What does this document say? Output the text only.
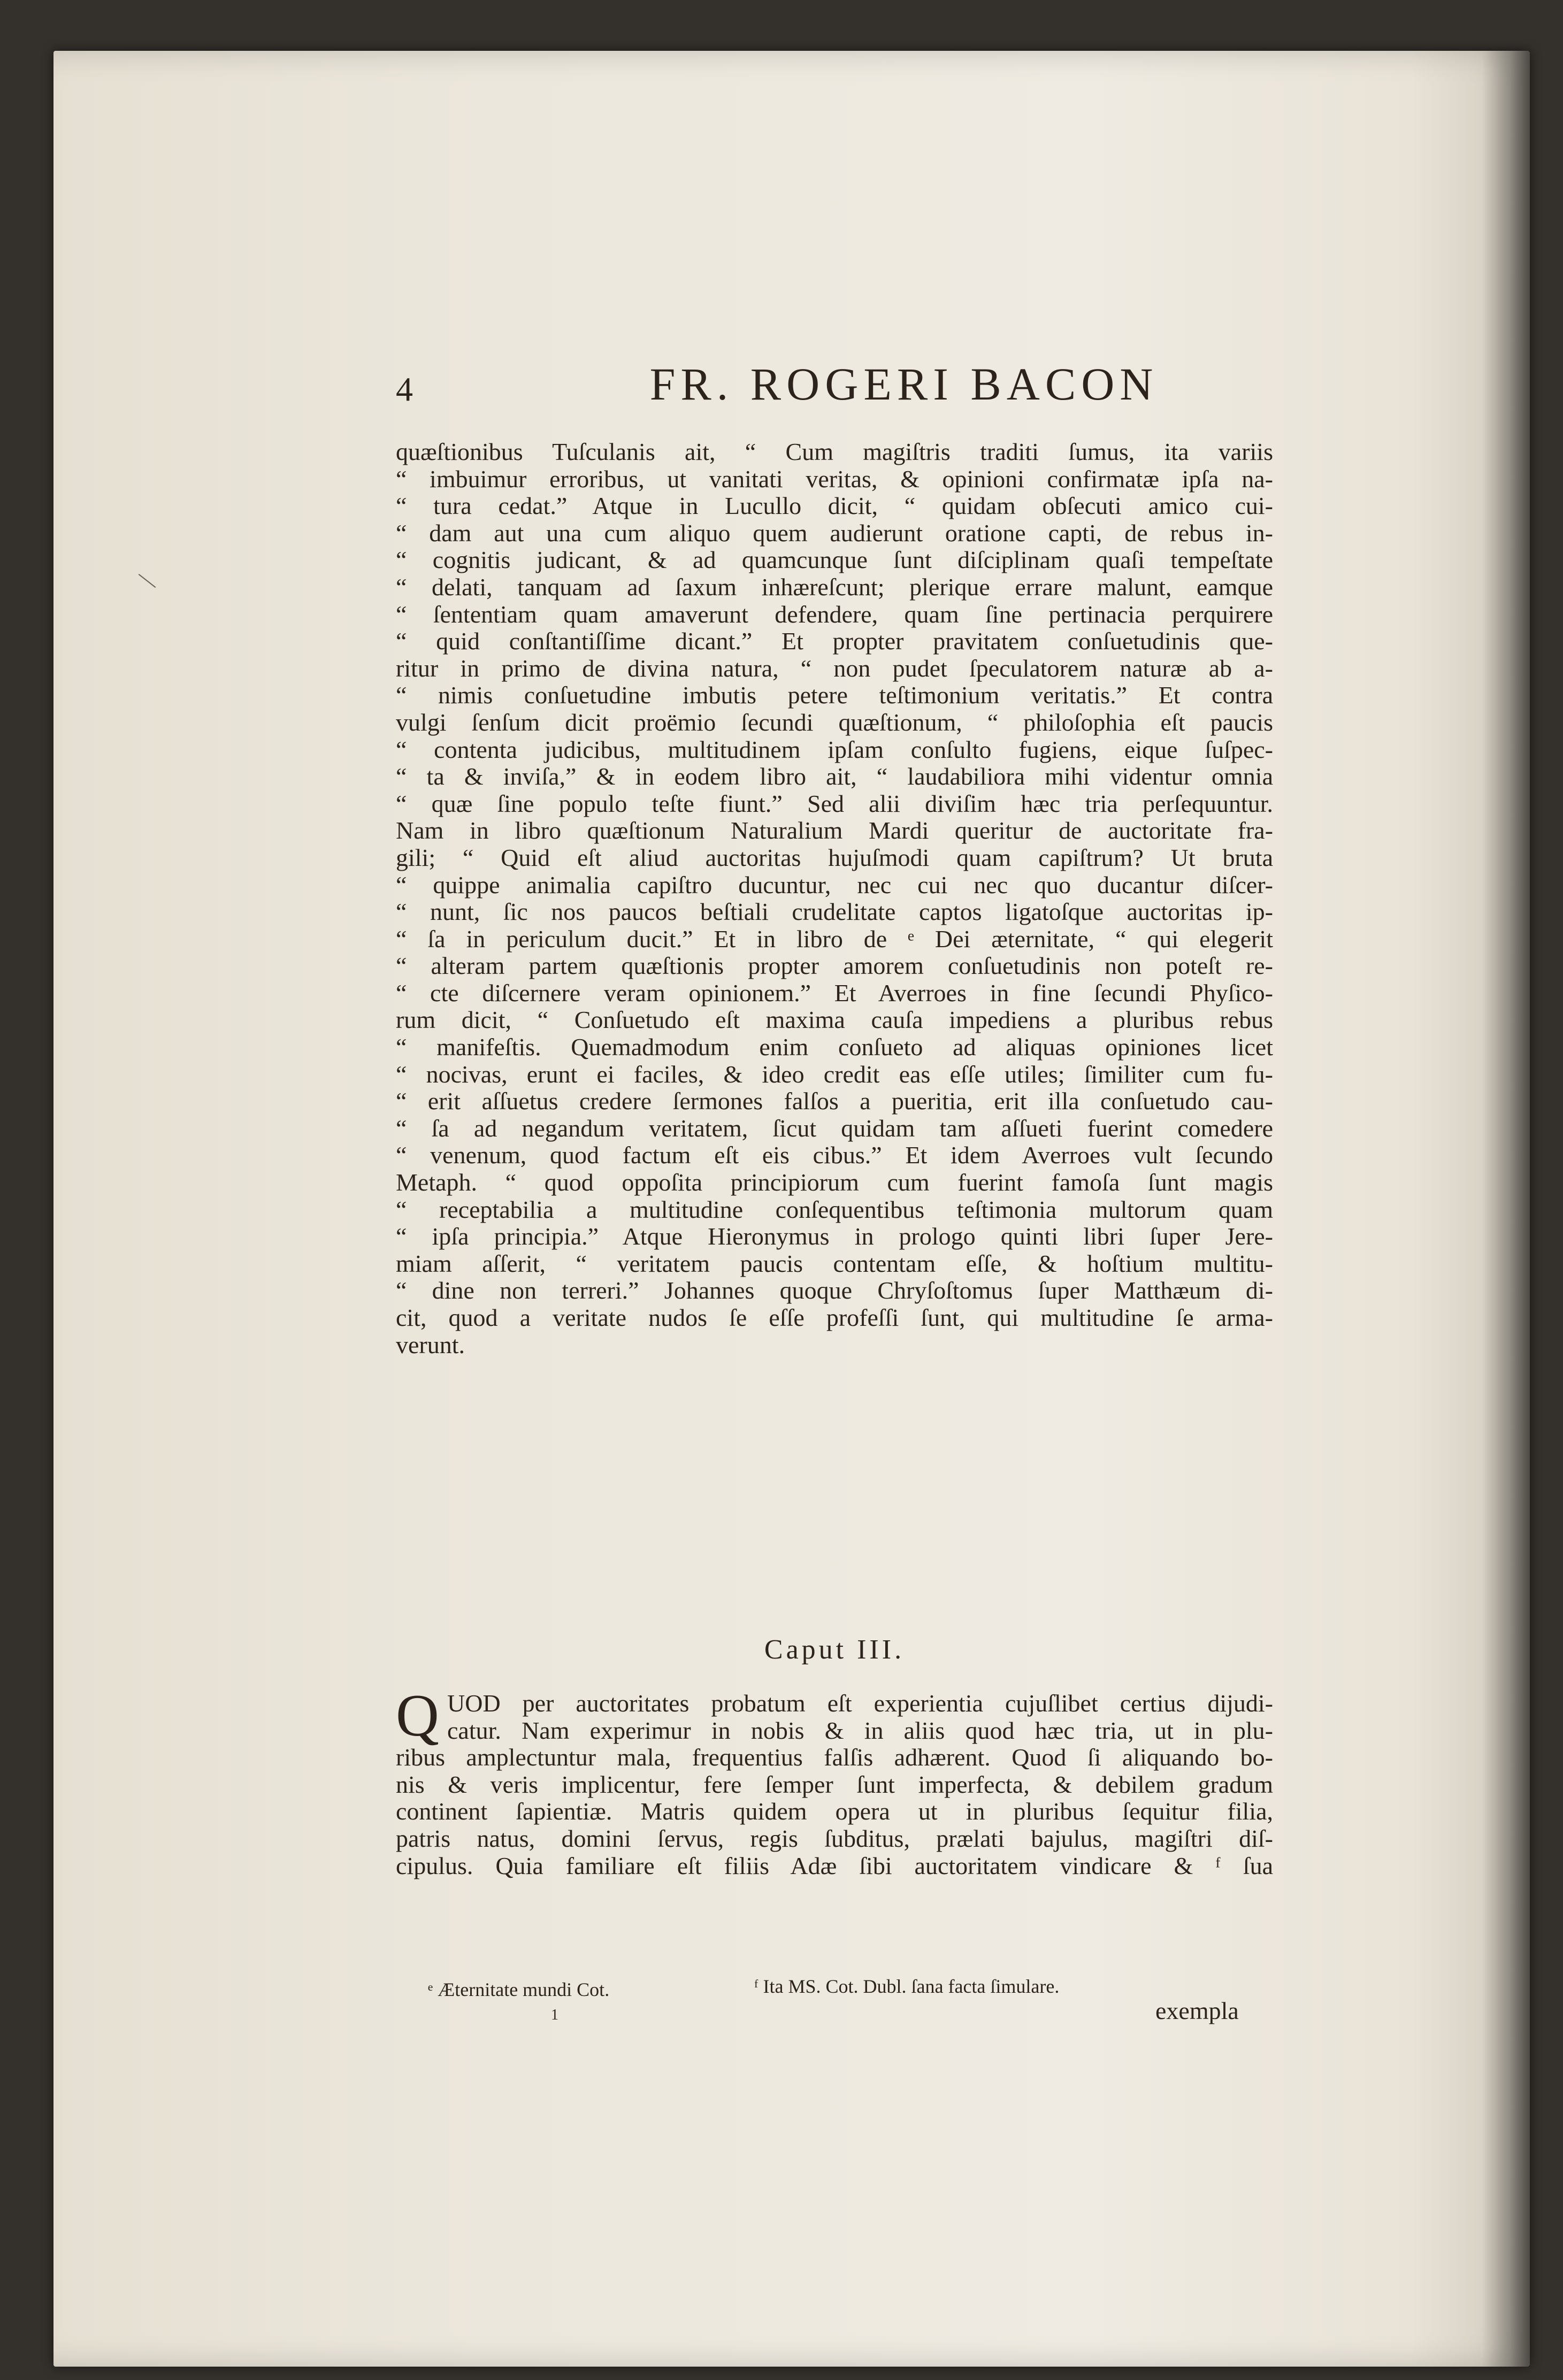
4	FR. ROGERI BACON
quæſtionibus Tuſculanis ait, “ Cum magiſtris traditi ſumus, ita variis
“ imbuimur erroribus, ut vanitati veritas, & opinioni confirmatæ ipſa na-
“ tura cedat.” Atque in Lucullo dicit, “ quidam obſecuti amico cui-
“ dam aut una cum aliquo quem audierunt oratione capti, de rebus in-
“ cognitis judicant, & ad quamcunque ſunt diſciplinam quaſi tempeſtate
“ delati, tanquam ad ſaxum inhæreſcunt; plerique errare malunt, eamque
“ ſententiam quam amaverunt defendere, quam ſine pertinacia perquirere
“ quid conſtantiſſime dicant.” Et propter pravitatem conſuetudinis que-
ritur in primo de divina natura, “ non pudet ſpeculatorem naturæ ab a-
“ nimis conſuetudine imbutis petere teſtimonium veritatis.” Et contra
vulgi ſenſum dicit proëmio ſecundi quæſtionum, “ philoſophia eſt paucis
“ contenta judicibus, multitudinem ipſam conſulto fugiens, eique ſuſpec-
“ ta & inviſa,” & in eodem libro ait, “ laudabiliora mihi videntur omnia
“ quæ ſine populo teſte fiunt.” Sed alii diviſim hæc tria perſequuntur.
Nam in libro quæſtionum Naturalium Mardi queritur de auctoritate fra-
gili; “ Quid eſt aliud auctoritas hujuſmodi quam capiſtrum? Ut bruta
“ quippe animalia capiſtro ducuntur, nec cui nec quo ducantur diſcer-
“ nunt, ſic nos paucos beſtiali crudelitate captos ligatoſque auctoritas ip-
“ ſa in periculum ducit.” Et in libro de ᵉ Dei æternitate, “ qui elegerit
“ alteram partem quæſtionis propter amorem conſuetudinis non poteſt re-
“ cte diſcernere veram opinionem.” Et Averroes in fine ſecundi Phyſico-
rum dicit, “ Conſuetudo eſt maxima cauſa impediens a pluribus rebus
“ manifeſtis. Quemadmodum enim conſueto ad aliquas opiniones licet
“ nocivas, erunt ei faciles, & ideo credit eas eſſe utiles; ſimiliter cum fu-
“ erit aſſuetus credere ſermones falſos a pueritia, erit illa conſuetudo cau-
“ ſa ad negandum veritatem, ſicut quidam tam aſſueti fuerint comedere
“ venenum, quod factum eſt eis cibus.” Et idem Averroes vult ſecundo
Metaph. “ quod oppoſita principiorum cum fuerint famoſa ſunt magis
“ receptabilia a multitudine conſequentibus teſtimonia multorum quam
“ ipſa principia.” Atque Hieronymus in prologo quinti libri ſuper Jere-
miam aſſerit, “ veritatem paucis contentam eſſe, & hoſtium multitu-
“ dine non terreri.” Johannes quoque Chryſoſtomus ſuper Matthæum di-
cit, quod a veritate nudos ſe eſſe profeſſi ſunt, qui multitudine ſe arma-
verunt.
Caput III.
Q UOD per auctoritates probatum eſt experientia cujuſlibet certius dijudi-
catur. Nam experimur in nobis & in aliis quod hæc tria, ut in plu-
ribus amplectuntur mala, frequentius falſis adhærent. Quod ſi aliquando bo-
nis & veris implicentur, fere ſemper ſunt imperfecta, & debilem gradum
continent ſapientiæ. Matris quidem opera ut in pluribus ſequitur filia,
patris natus, domini ſervus, regis ſubditus, prælati bajulus, magiſtri diſ-
cipulus. Quia familiare eſt filiis Adæ ſibi auctoritatem vindicare & ᶠ ſua
ᵉ Æternitate mundi Cot.	ᶠ Ita MS. Cot. Dubl. ſana facta ſimulare.
1	exempla
